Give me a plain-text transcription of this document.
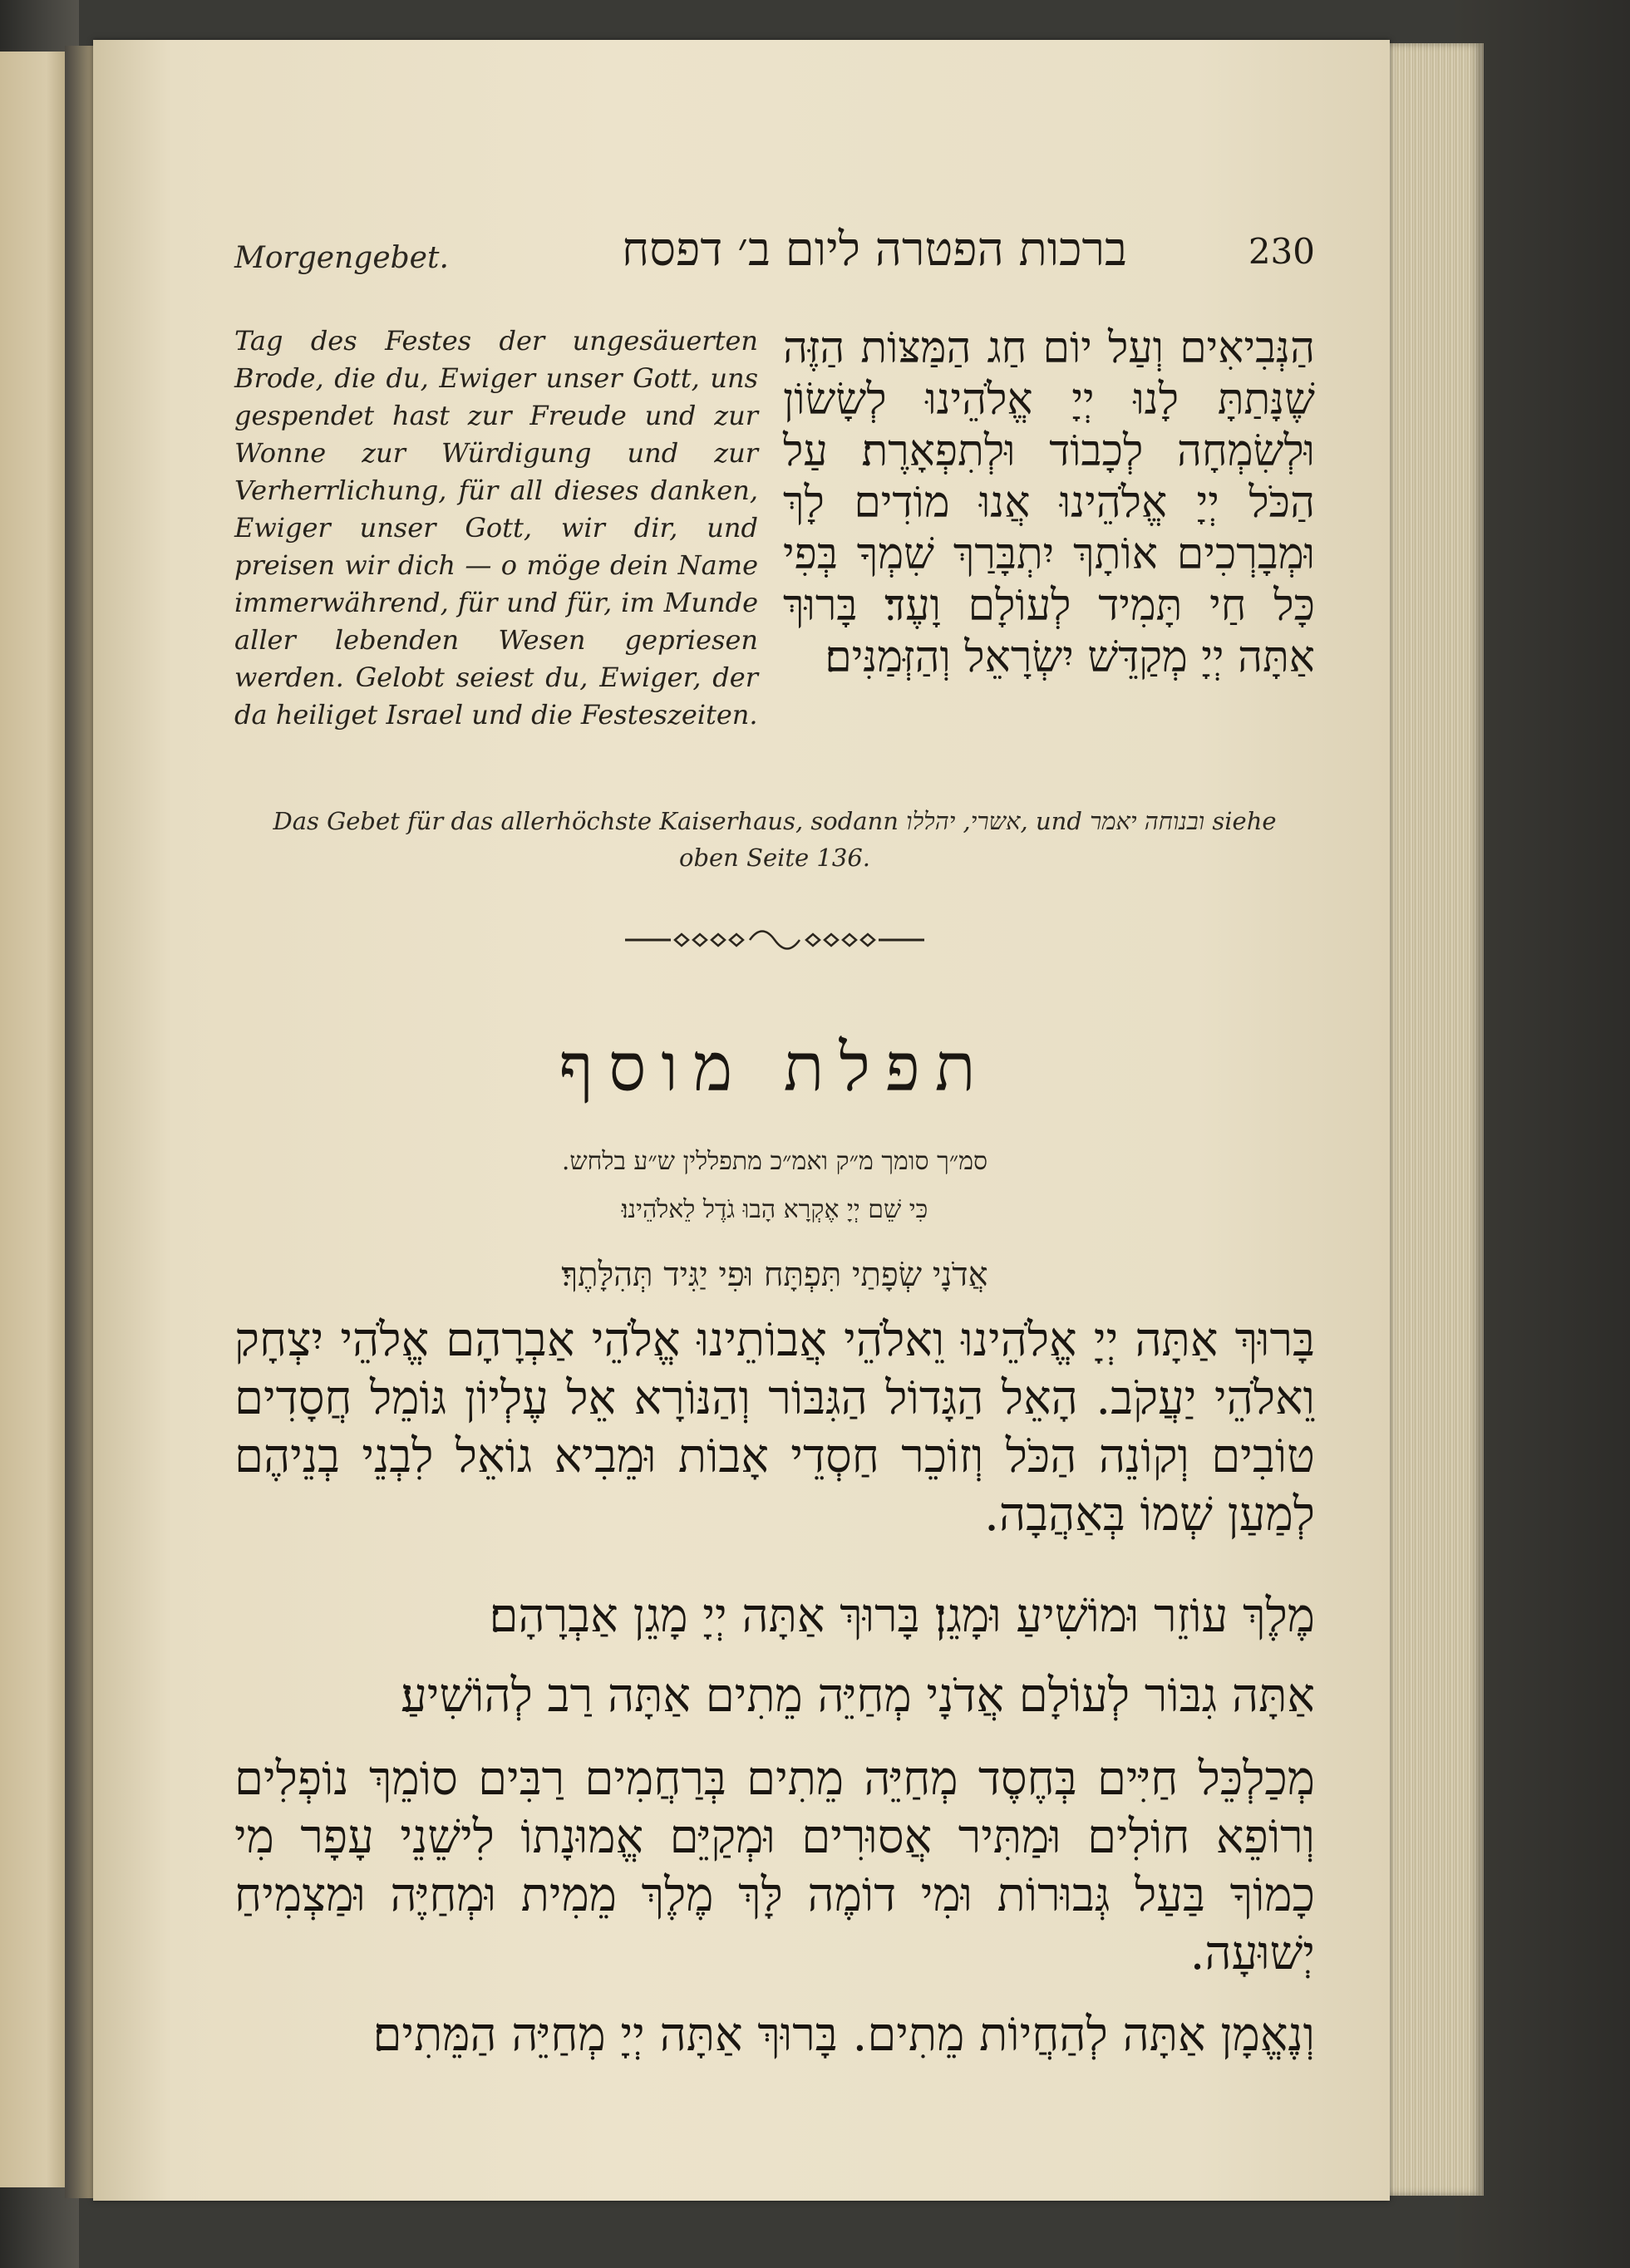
Morgengebet.	ברכות הפטרה ליום ב׳ דפסח	230
Tag des Festes der ungesäuerten Brode, die du, Ewiger unser Gott, uns gespendet hast zur Freude und zur Wonne zur Würdigung und zur Verherrlichung, für all dieses danken, Ewiger unser Gott, wir dir, und preisen wir dich — o möge dein Name immerwährend, für und für, im Munde aller lebenden Wesen gepriesen werden. Gelobt seiest du, Ewiger, der da heiliget Israel und die Festeszeiten.
הַנְּבִיאִים וְעַל יוֹם חַג הַמַּצּוֹת הַזֶּה שֶׁנָּתַתָּ לָנוּ יְיָ אֱלֹהֵינוּ לְשָׂשׂוֹן וּלְשִׂמְחָה לְכָבוֹד וּלְתִפְאָרֶת׃ עַל הַכֹּל יְיָ אֱלֹהֵינוּ אֲנוּ מוֹדִים לָךְ וּמְבָרְכִים אוֹתָךְ יִתְבָּרַךְ שִׁמְךָ בְּפִי כָּל חַי תָּמִיד לְעוֹלָם וָעֶד׃ בָּרוּךְ אַתָּה יְיָ מְקַדֵּשׁ יִשְׂרָאֵל וְהַזְּמַנִּים׃
Das Gebet für das allerhöchste Kaiserhaus, sodann אשרי, יהללו, und ובנוחה יאמר siehe
oben Seite 136.
תפלת מוסף
סמ״ך סומך מ״ק ואמ״כ מתפללין ש״ע בלחש.
כִּי שֵׁם יְיָ אֶקְרָא הָבוּ גֹדֶל לֵאלֹהֵינוּ׃
אֲדֹנָי שְׂפָתַי תִּפְתָּח וּפִי יַגִּיד תְּהִלָּתֶךָ׃
בָּרוּךְ אַתָּה יְיָ אֱלֹהֵינוּ וֵאלֹהֵי אֲבוֹתֵינוּ אֱלֹהֵי אַבְרָהָם אֱלֹהֵי יִצְחָק וֵאלֹהֵי יַעֲקֹב. הָאֵל הַגָּדוֹל הַגִּבּוֹר וְהַנּוֹרָא אֵל עֶלְיוֹן גּוֹמֵל חֲסָדִים טוֹבִים וְקוֹנֵה הַכֹּל וְזוֹכֵר חַסְדֵי אָבוֹת וּמֵבִיא גוֹאֵל לִבְנֵי בְנֵיהֶם לְמַעַן שְׁמוֹ בְּאַהֲבָה.
מֶלֶךְ עוֹזֵר וּמוֹשִׁיעַ וּמָגֵן׃ בָּרוּךְ אַתָּה יְיָ מָגֵן אַבְרָהָם׃
אַתָּה גִבּוֹר לְעוֹלָם אֲדֹנָי מְחַיֵּה מֵתִים אַתָּה רַב לְהוֹשִׁיעַ׃
מְכַלְכֵּל חַיִּים בְּחֶסֶד מְחַיֵּה מֵתִים בְּרַחֲמִים רַבִּים סוֹמֵךְ נוֹפְלִים וְרוֹפֵא חוֹלִים וּמַתִּיר אֲסוּרִים וּמְקַיֵּם אֱמוּנָתוֹ לִישֵׁנֵי עָפָר מִי כָמוֹךָ בַּעַל גְּבוּרוֹת וּמִי דוֹמֶה לָּךְ מֶלֶךְ מֵמִית וּמְחַיֶּה וּמַצְמִיחַ יְשׁוּעָה.
וְנֶאֱמָן אַתָּה לְהַחֲיוֹת מֵתִים. בָּרוּךְ אַתָּה יְיָ מְחַיֵּה הַמֵּתִים׃
